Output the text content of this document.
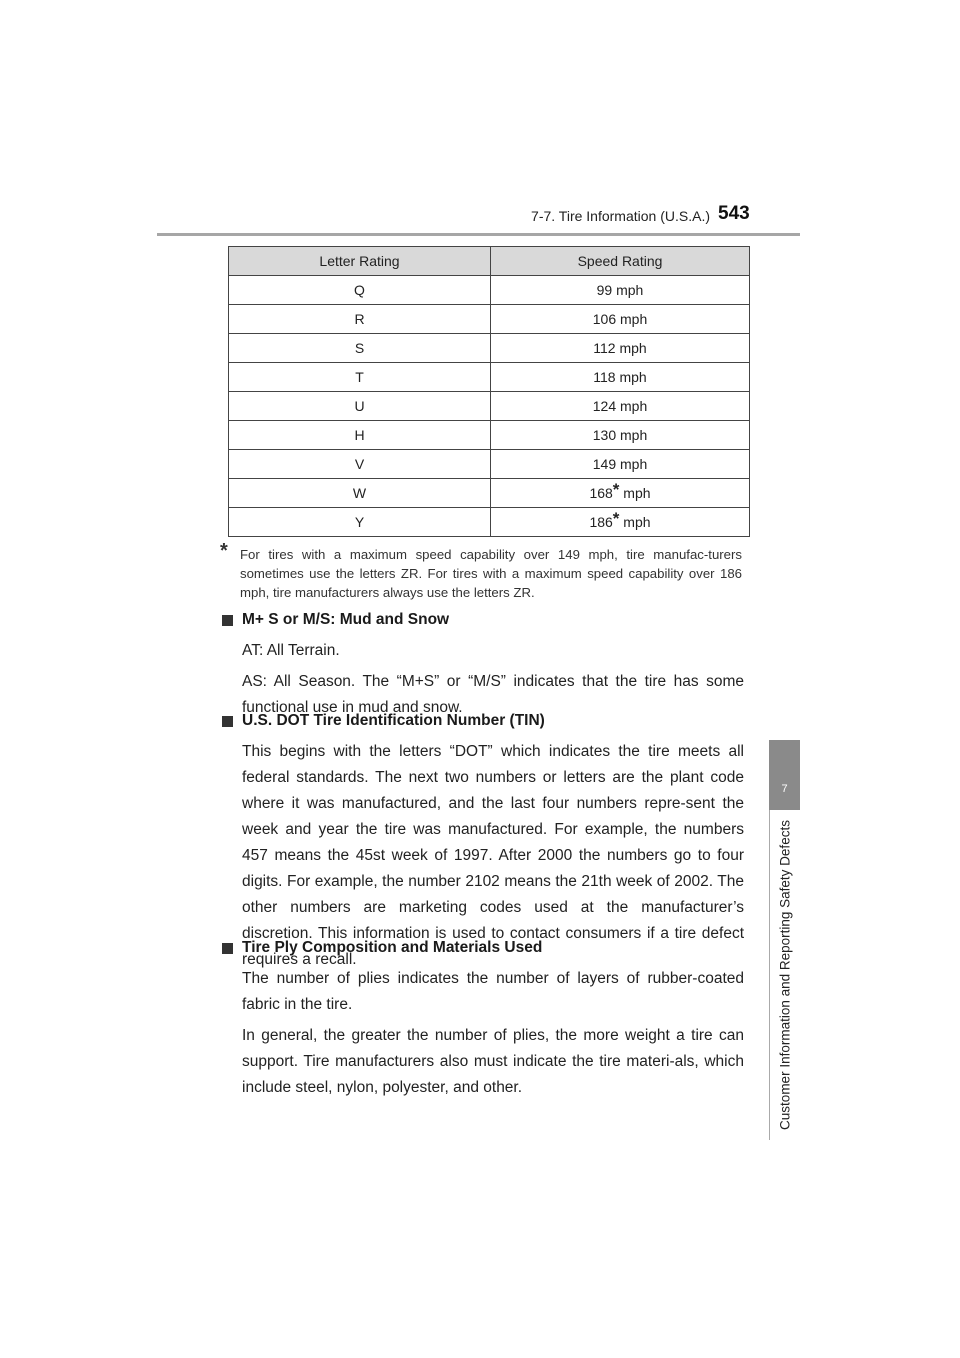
7-7. Tire Information (U.S.A.) 543
7
Customer Information and Reporting Safety Defects
Letter Rating	Speed Rating
Q	99 mph
R	106 mph
S	112 mph
T	118 mph
U	124 mph
H	130 mph
V	149 mph
W	168* mph
Y	186* mph
* For tires with a maximum speed capability over 149 mph, tire manufac-turers sometimes use the letters ZR. For tires with a maximum speed capability over 186 mph, tire manufacturers always use the letters ZR.
M+ S or M/S: Mud and Snow
AT: All Terrain.
AS: All Season. The “M+S” or “M/S” indicates that the tire has some functional use in mud and snow.
U.S. DOT Tire Identification Number (TIN)
This begins with the letters “DOT” which indicates the tire meets all federal standards. The next two numbers or letters are the plant code where it was manufactured, and the last four numbers repre-sent the week and year the tire was manufactured. For example, the numbers 457 means the 45st week of 1997. After 2000 the numbers go to four digits. For example, the number 2102 means the 21th week of 2002. The other numbers are marketing codes used at the manufacturer’s discretion. This information is used to contact consumers if a tire defect requires a recall.
Tire Ply Composition and Materials Used
The number of plies indicates the number of layers of rubber-coated fabric in the tire.
In general, the greater the number of plies, the more weight a tire can support. Tire manufacturers also must indicate the tire materi-als, which include steel, nylon, polyester, and other.
